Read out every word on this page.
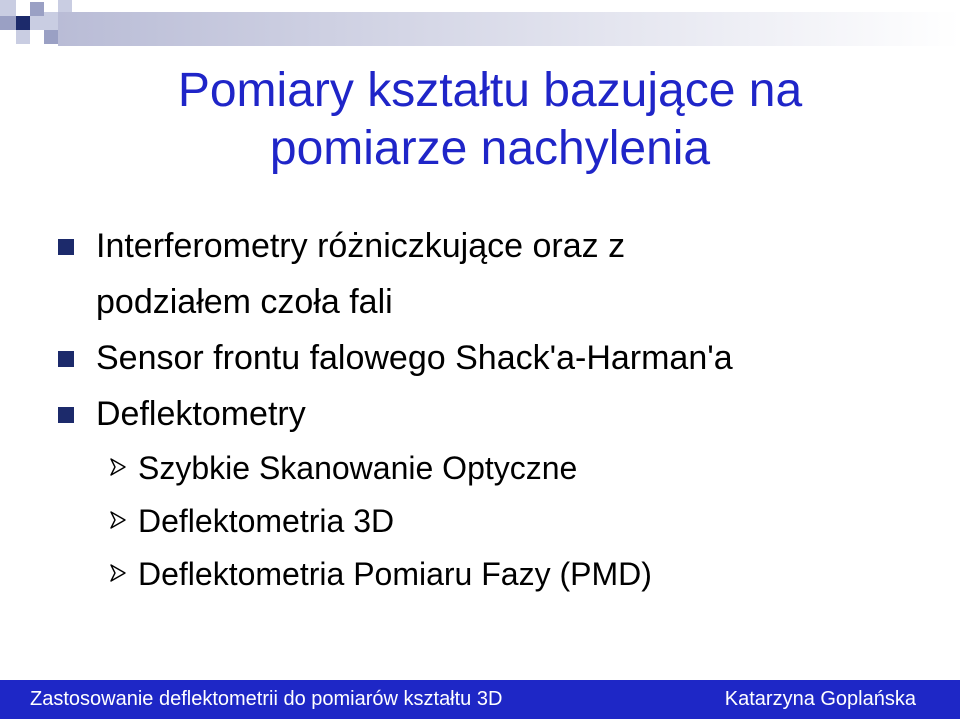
Pomiary kształtu bazujące na
pomiarze nachylenia
Interferometry różniczkujące oraz z
podziałem czoła fali
Sensor frontu falowego Shack'a-Harman'a
Deflektometry
Szybkie Skanowanie Optyczne
Deflektometria 3D
Deflektometria Pomiaru Fazy (PMD)
Zastosowanie deflektometrii do pomiarów kształtu 3D	Katarzyna Goplańska
